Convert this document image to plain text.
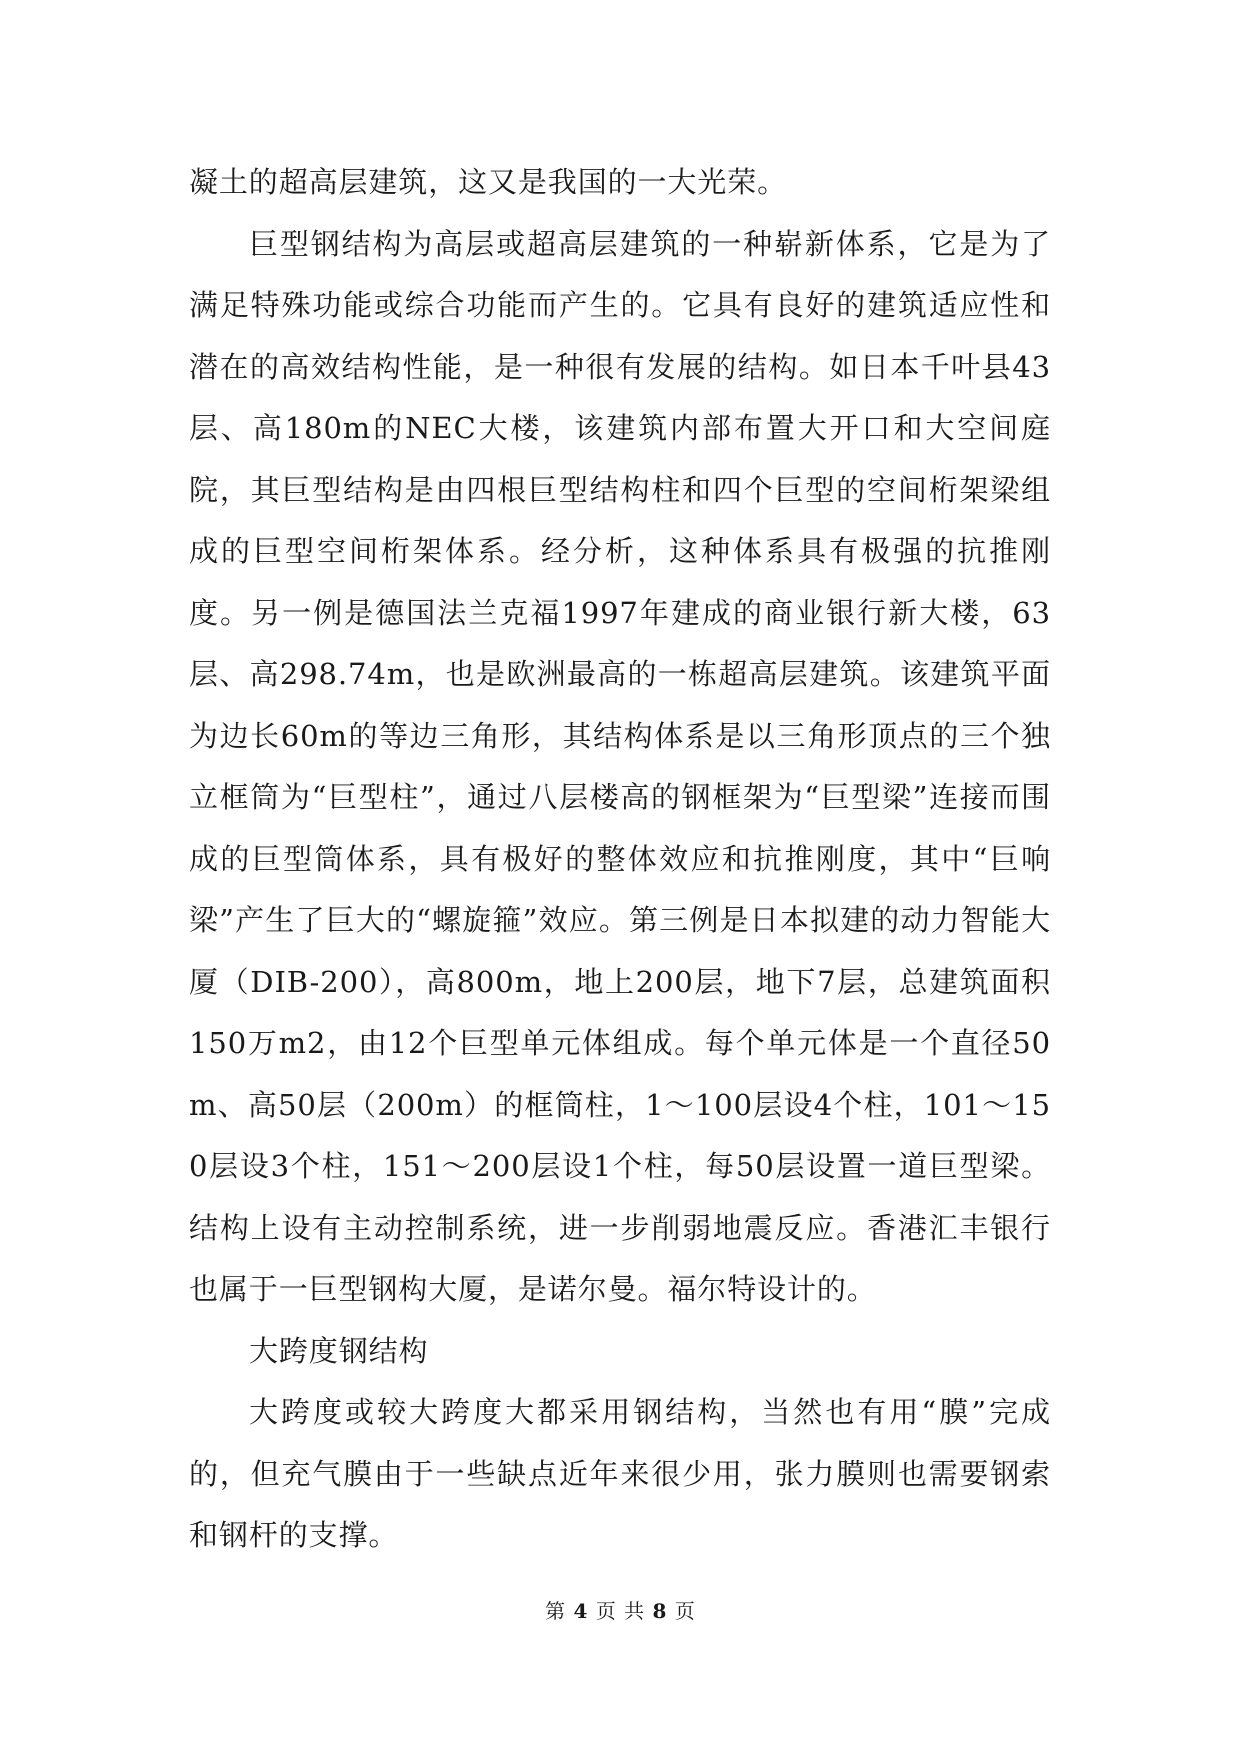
凝土的超高层建筑，这又是我国的一大光荣。

巨型钢结构为高层或超高层建筑的一种崭新体系，它是为了满足特殊功能或综合功能而产生的。它具有良好的建筑适应性和潜在的高效结构性能，是一种很有发展的结构。如日本千叶县43层、高180m的NEC大楼，该建筑内部布置大开口和大空间庭院，其巨型结构是由四根巨型结构柱和四个巨型的空间桁架梁组成的巨型空间桁架体系。经分析，这种体系具有极强的抗推刚度。另一例是德国法兰克福1997年建成的商业银行新大楼，63层、高298.74m，也是欧洲最高的一栋超高层建筑。该建筑平面为边长60m的等边三角形，其结构体系是以三角形顶点的三个独立框筒为“巨型柱”，通过八层楼高的钢框架为“巨型梁”连接而围成的巨型筒体系，具有极好的整体效应和抗推刚度，其中“巨响梁”产生了巨大的“螺旋箍”效应。第三例是日本拟建的动力智能大厦（DIB-200），高800m，地上200层，地下7层，总建筑面积150万m2，由12个巨型单元体组成。每个单元体是一个直径50m、高50层（200m）的框筒柱，1～100层设4个柱，101～150层设3个柱，151～200层设1个柱，每50层设置一道巨型梁。结构上设有主动控制系统，进一步削弱地震反应。香港汇丰银行也属于一巨型钢构大厦，是诺尔曼。福尔特设计的。

大跨度钢结构

大跨度或较大跨度大都采用钢结构，当然也有用“膜”完成的，但充气膜由于一些缺点近年来很少用，张力膜则也需要钢索和钢杆的支撑。

第 4 页 共 8 页
